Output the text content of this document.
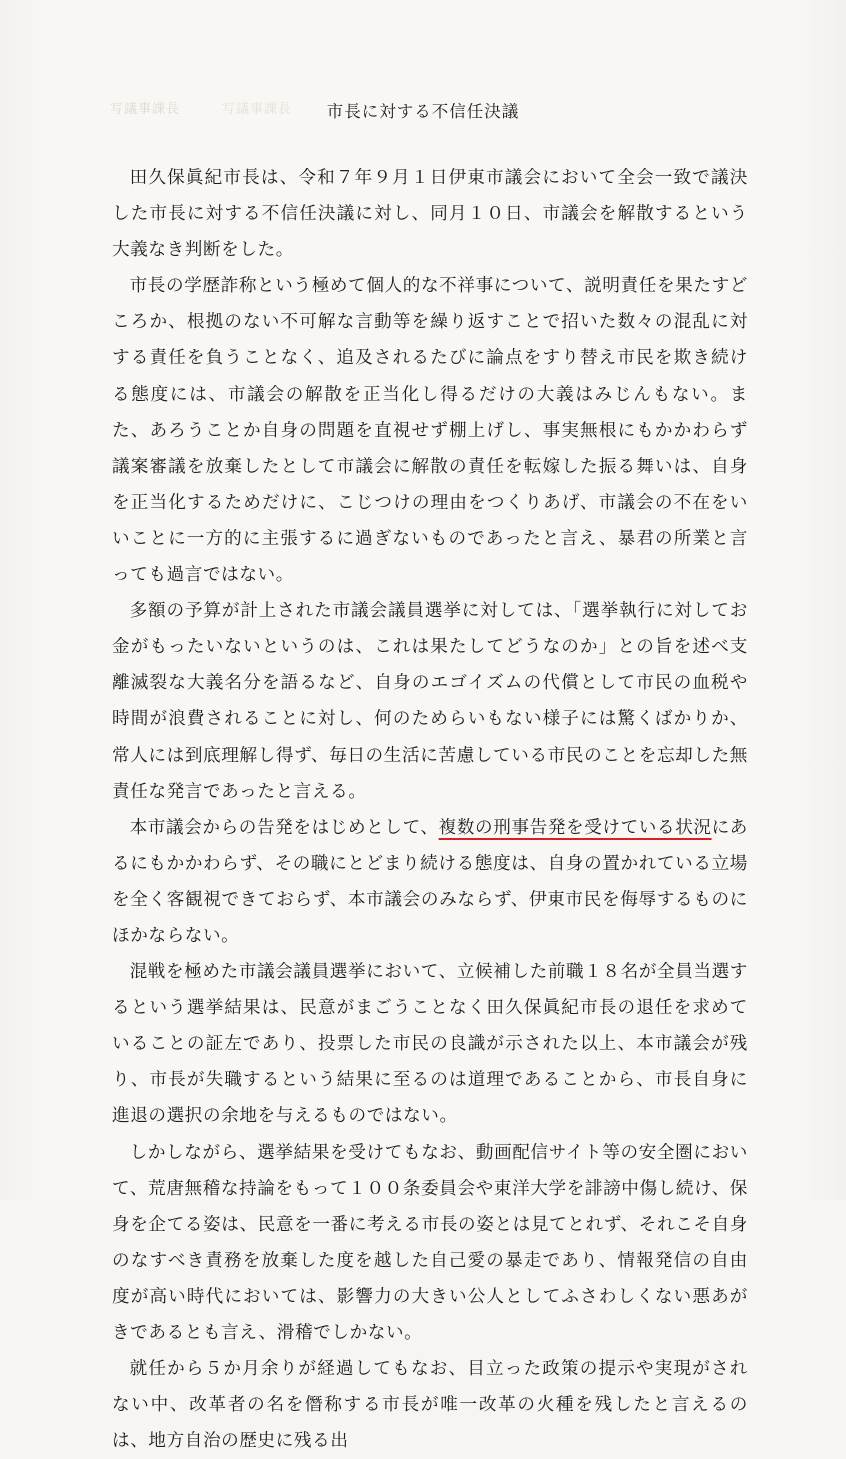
写議事課長	写議事課長	市長に対する不信任決議

田久保眞紀市長は、令和７年９月１日伊東市議会において全会一致で議決した市長に対する不信任決議に対し、同月１０日、市議会を解散するという大義なき判断をした。

市長の学歴詐称という極めて個人的な不祥事について、説明責任を果たすどころか、根拠のない不可解な言動等を繰り返すことで招いた数々の混乱に対する責任を負うことなく、追及されるたびに論点をすり替え市民を欺き続ける態度には、市議会の解散を正当化し得るだけの大義はみじんもない。また、あろうことか自身の問題を直視せず棚上げし、事実無根にもかかわらず議案審議を放棄したとして市議会に解散の責任を転嫁した振る舞いは、自身を正当化するためだけに、こじつけの理由をつくりあげ、市議会の不在をいいことに一方的に主張するに過ぎないものであったと言え、暴君の所業と言っても過言ではない。

多額の予算が計上された市議会議員選挙に対しては、「選挙執行に対してお金がもったいないというのは、これは果たしてどうなのか」との旨を述べ支離滅裂な大義名分を語るなど、自身のエゴイズムの代償として市民の血税や時間が浪費されることに対し、何のためらいもない様子には驚くばかりか、常人には到底理解し得ず、毎日の生活に苦慮している市民のことを忘却した無責任な発言であったと言える。

本市議会からの告発をはじめとして、複数の刑事告発を受けている状況にあるにもかかわらず、その職にとどまり続ける態度は、自身の置かれている立場を全く客観視できておらず、本市議会のみならず、伊東市民を侮辱するものにほかならない。

混戦を極めた市議会議員選挙において、立候補した前職１８名が全員当選するという選挙結果は、民意がまごうことなく田久保眞紀市長の退任を求めていることの証左であり、投票した市民の良識が示された以上、本市議会が残り、市長が失職するという結果に至るのは道理であることから、市長自身に進退の選択の余地を与えるものではない。

しかしながら、選挙結果を受けてもなお、動画配信サイト等の安全圏において、荒唐無稽な持論をもって１００条委員会や東洋大学を誹謗中傷し続け、保身を企てる姿は、民意を一番に考える市長の姿とは見てとれず、それこそ自身のなすべき責務を放棄した度を越した自己愛の暴走であり、情報発信の自由度が高い時代においては、影響力の大きい公人としてふさわしくない悪あがきであるとも言え、滑稽でしかない。

就任から５か月余りが経過してもなお、目立った政策の提示や実現がされない中、改革者の名を僭称する市長が唯一改革の火種を残したと言えるのは、地方自治の歴史に残る出
